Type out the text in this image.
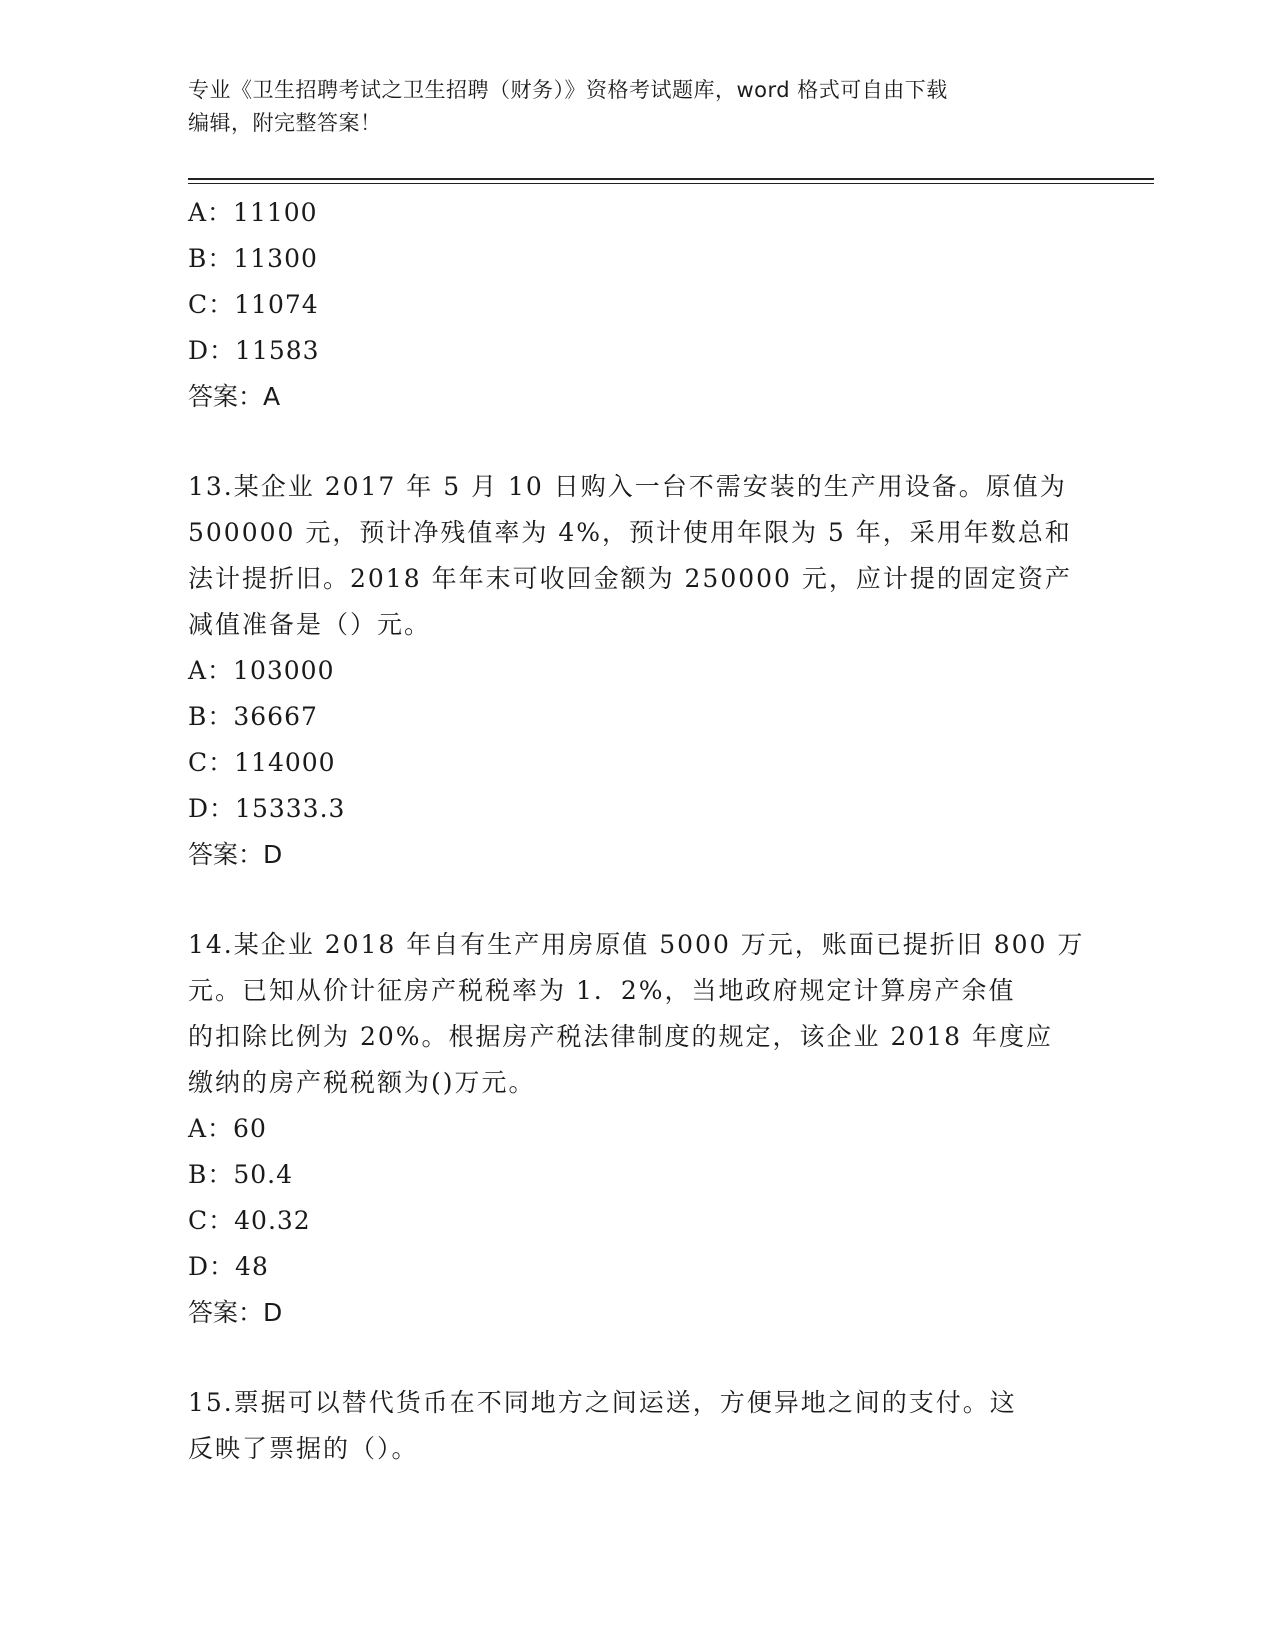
专业《卫生招聘考试之卫生招聘（财务）》资格考试题库，word 格式可自由下载
编辑，附完整答案！
A：11100
B：11300
C：11074
D：11583
答案：A
13.某企业 2017 年 5 月 10 日购入一台不需安装的生产用设备。原值为
500000 元，预计净残值率为 4%，预计使用年限为 5 年，采用年数总和
法计提折旧。2018 年年末可收回金额为 250000 元，应计提的固定资产
减值准备是（）元。
A：103000
B：36667
C：114000
D：15333.3
答案：D
14.某企业 2018 年自有生产用房原值 5000 万元，账面已提折旧 800 万
元。已知从价计征房产税税率为 1．2%，当地政府规定计算房产余值
的扣除比例为 20%。根据房产税法律制度的规定，该企业 2018 年度应
缴纳的房产税税额为()万元。
A：60
B：50.4
C：40.32
D：48
答案：D
15.票据可以替代货币在不同地方之间运送，方便异地之间的支付。这
反映了票据的（）。
